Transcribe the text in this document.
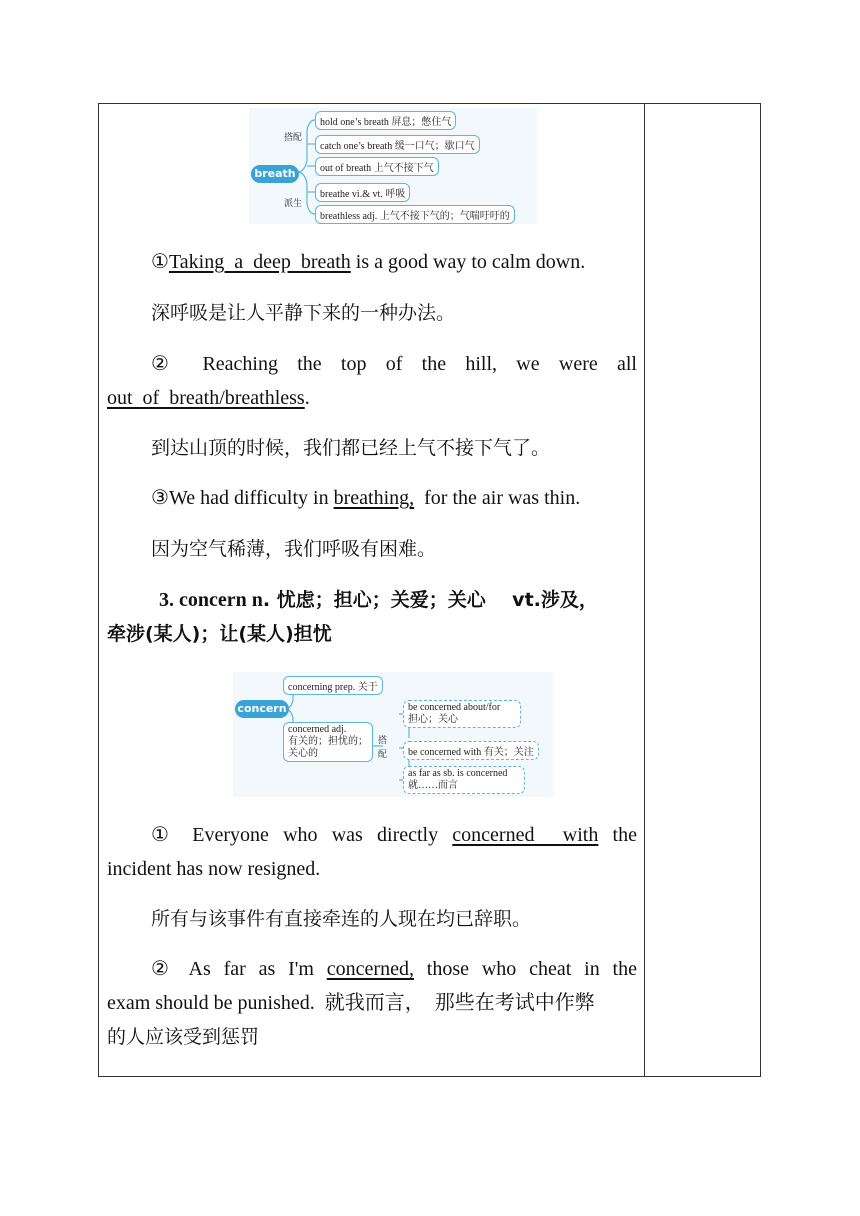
breath
搭配
派生
hold one’s breath 屏息；憋住气
catch one’s breath 缓一口气；歇口气
out of breath 上气不接下气
breathe vi.& vt. 呼吸
breathless adj. 上气不接下气的；气喘吁吁的

①Taking  a  deep  breath is a good way to calm down.

深呼吸是让人平静下来的一种办法。

② Reaching the top of the hill, we were all

out  of  breath/breathless.

到达山顶的时候，我们都已经上气不接下气了。

③We had difficulty in breathing,  for the air was thin.

因为空气稀薄，我们呼吸有困难。

3. concern n. 忧虑；担心；关爱；关心    vt.涉及，

牵涉(某人)；让(某人)担忧

concern
concerning prep. 关于
concerned adj.
有关的；担忧的；
关心的
搭配
be concerned about/for
担心；关心
be concerned with 有关；关注
as far as sb. is concerned
就……而言

① Everyone who was directly concerned  with the

incident has now resigned.

所有与该事件有直接牵连的人现在均已辞职。

② As far as I'm concerned, those who cheat in the

exam should be punished.  就我而言，  那些在考试中作弊

的人应该受到惩罚
